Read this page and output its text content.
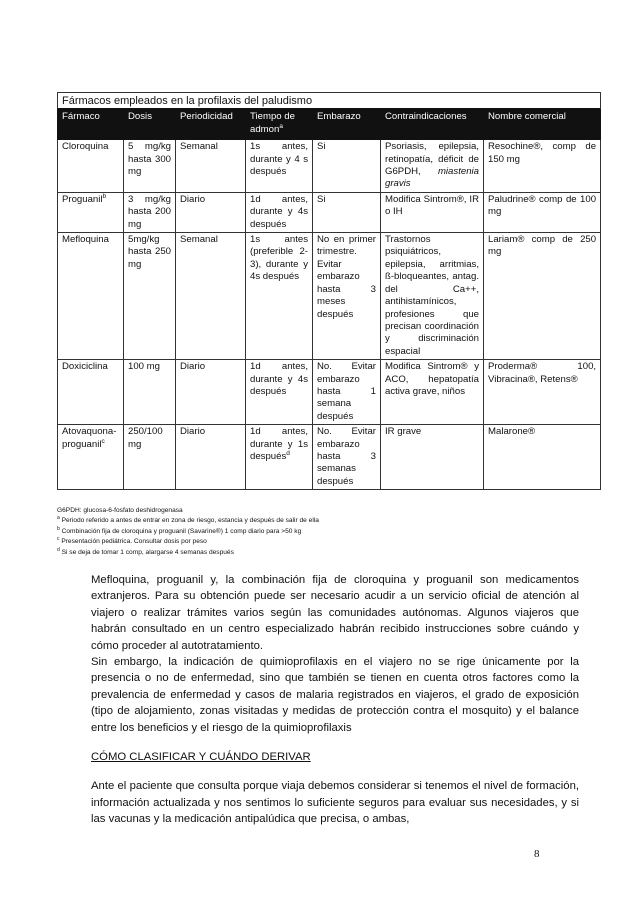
Fármacos empleados en la profilaxis del paludismo						
Fármaco	Dosis	Periodicidad	Tiempo de admon$^a$	Embarazo	Contraindicaciones	Nombre comercial
Cloroquina	5 mg/kg hasta 300 mg	Semanal	1s antes, durante y 4 s después	Si	Psoriasis, epilepsia, retinopatía, déficit de G6PDH, miastenia gravis	Resochine®, comp de 150 mg
Proguanil$^b$	3 mg/kg hasta 200 mg	Diario	1d antes, durante y 4s después	Si	Modifica Sintrom®, IR o IH	Paludrine® comp de 100 mg
Mefloquina	5mg/kg hasta 250 mg	Semanal	1s antes (preferible 2-3), durante y 4s después	No en primer trimestre. Evitar embarazo hasta 3 meses después	Trastornos psiquiátricos, epilepsia, arritmias, ß-bloqueantes, antag. del Ca++, antihistamínicos, profesiones que precisan coordinación y discriminación espacial	Lariam® comp de 250 mg
Doxiciclina	100 mg	Diario	1d antes, durante y 4s después	No. Evitar embarazo hasta 1 semana después	Modifica Sintrom® y ACO, hepatopatía activa grave, niños	Proderma® 100, Vibracina®, Retens®
Atovaquona-proguanil$^c$	250/100 mg	Diario	1d antes, durante y 1s después$^d$	No. Evitar embarazo hasta 3 semanas después	IR grave	Malarone®
G6PDH: glucosa-6-fosfato deshidrogenasa
$^a$ Periodo referido a antes de entrar en zona de riesgo, estancia y después de salir de ella
$^b$ Combinación fija de cloroquina y proguanil (Savarine®) 1 comp diario para >50 kg
$^c$ Presentación pediátrica. Consultar dosis por peso
$^d$ Si se deja de tomar 1 comp, alargarse 4 semanas después

Mefloquina, proguanil y, la combinación fija de cloroquina y proguanil son medicamentos extranjeros. Para su obtención puede ser necesario acudir a un servicio oficial de atención al viajero o realizar trámites varios según las comunidades autónomas. Algunos viajeros que habrán consultado en un centro especializado habrán recibido instrucciones sobre cuándo y cómo proceder al autotratamiento.

Sin embargo, la indicación de quimioprofilaxis en el viajero no se rige únicamente por la presencia o no de enfermedad, sino que también se tienen en cuenta otros factores como la prevalencia de enfermedad y casos de malaria registrados en viajeros, el grado de exposición (tipo de alojamiento, zonas visitadas y medidas de protección contra el mosquito) y el balance entre los beneficios y el riesgo de la quimioprofilaxis

CÓMO CLASIFICAR Y CUÁNDO DERIVAR

Ante el paciente que consulta porque viaja debemos considerar si tenemos el nivel de formación, información actualizada y nos sentimos lo suficiente seguros para evaluar sus necesidades, y si las vacunas y la medicación antipalúdica que precisa, o ambas,

8
